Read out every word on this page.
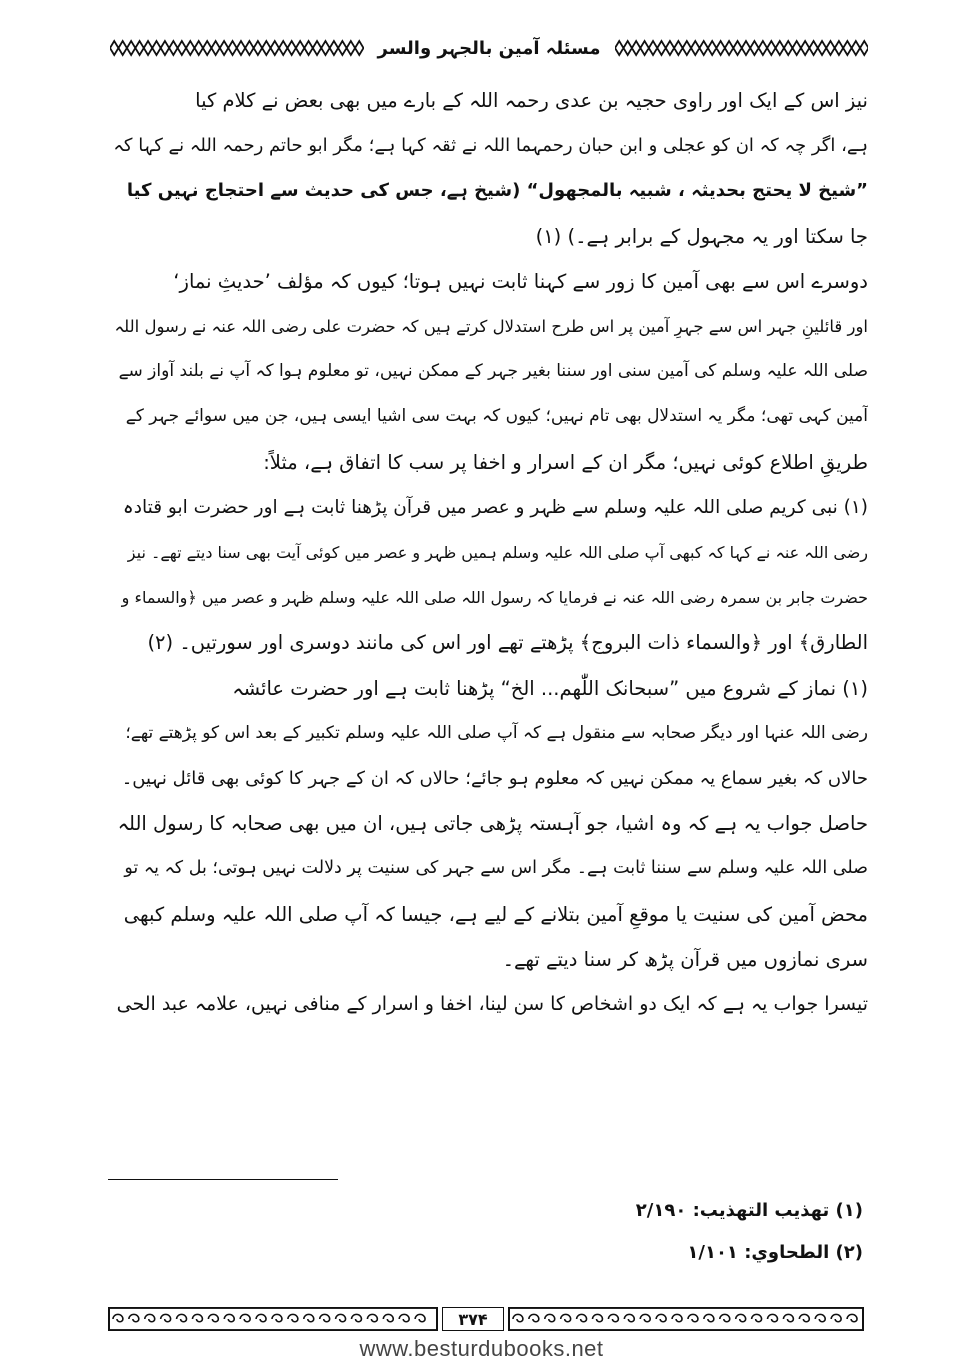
مسئلہ آمین بالجہر والسر
نیز اس کے ایک اور راوی حجیہ بن عدی رحمہ اللہ کے بارے میں بھی بعض نے کلام کیا
ہے، اگر چہ کہ ان کو عجلی و ابن حبان رحمہما اللہ نے ثقہ کہا ہے؛ مگر ابو حاتم رحمہ اللہ نے کہا کہ
”شیخ لا یحتج بحدیثہ ، شبیہ بالمجھول“ (شیخ ہے، جس کی حدیث سے احتجاج نہیں کیا
جا سکتا اور یہ مجہول کے برابر ہے۔) (۱)
دوسرے اس سے بھی آمین کا زور سے کہنا ثابت نہیں ہوتا؛ کیوں کہ مؤلف ’حدیثِ نماز‘
اور قائلینِ جہر اس سے جہرِ آمین پر اس طرح استدلال کرتے ہیں کہ حضرت علی رضی اللہ عنہ نے رسول اللہ
صلی اللہ علیہ وسلم کی آمین سنی اور سننا بغیر جہر کے ممکن نہیں، تو معلوم ہوا کہ آپ نے بلند آواز سے
آمین کہی تھی؛ مگر یہ استدلال بھی تام نہیں؛ کیوں کہ بہت سی اشیا ایسی ہیں، جن میں سوائے جہر کے
طریقِ اطلاع کوئی نہیں؛ مگر ان کے اسرار و اخفا پر سب کا اتفاق ہے، مثلاً:
(۱) نبی کریم صلی اللہ علیہ وسلم سے ظہر و عصر میں قرآن پڑھنا ثابت ہے اور حضرت ابو قتادہ
رضی اللہ عنہ نے کہا کہ کبھی آپ صلی اللہ علیہ وسلم ہمیں ظہر و عصر میں کوئی آیت بھی سنا دیتے تھے۔ نیز
حضرت جابر بن سمرہ رضی اللہ عنہ نے فرمایا کہ رسول اللہ صلی اللہ علیہ وسلم ظہر و عصر میں ﴿والسماء و
الطارق﴾ اور ﴿والسماء ذات البروج﴾ پڑھتے تھے اور اس کی مانند دوسری اور سورتیں۔ (۲)
(۱) نماز کے شروع میں ”سبحانک اللّٰھم... الخ“ پڑھنا ثابت ہے اور حضرت عائشہ
رضی اللہ عنہا اور دیگر صحابہ سے منقول ہے کہ آپ صلی اللہ علیہ وسلم تکبیر کے بعد اس کو پڑھتے تھے؛
حالاں کہ بغیر سماع یہ ممکن نہیں کہ معلوم ہو جائے؛ حالاں کہ ان کے جہر کا کوئی بھی قائل نہیں۔
حاصل جواب یہ ہے کہ وہ اشیا، جو آہستہ پڑھی جاتی ہیں، ان میں بھی صحابہ کا رسول اللہ
صلی اللہ علیہ وسلم سے سننا ثابت ہے۔ مگر اس سے جہر کی سنیت پر دلالت نہیں ہوتی؛ بل کہ یہ تو
محض آمین کی سنیت یا موقعِ آمین بتلانے کے لیے ہے، جیسا کہ آپ صلی اللہ علیہ وسلم کبھی
سری نمازوں میں قرآن پڑھ کر سنا دیتے تھے۔
تیسرا جواب یہ ہے کہ ایک دو اشخاص کا سن لینا، اخفا و اسرار کے منافی نہیں، علامہ عبد الحی
(۱) تھذیب التھذیب: ۲/۱۹۰
(۲) الطحاوي: ۱/۱۰۱
۳۷۴
www.besturdubooks.net
